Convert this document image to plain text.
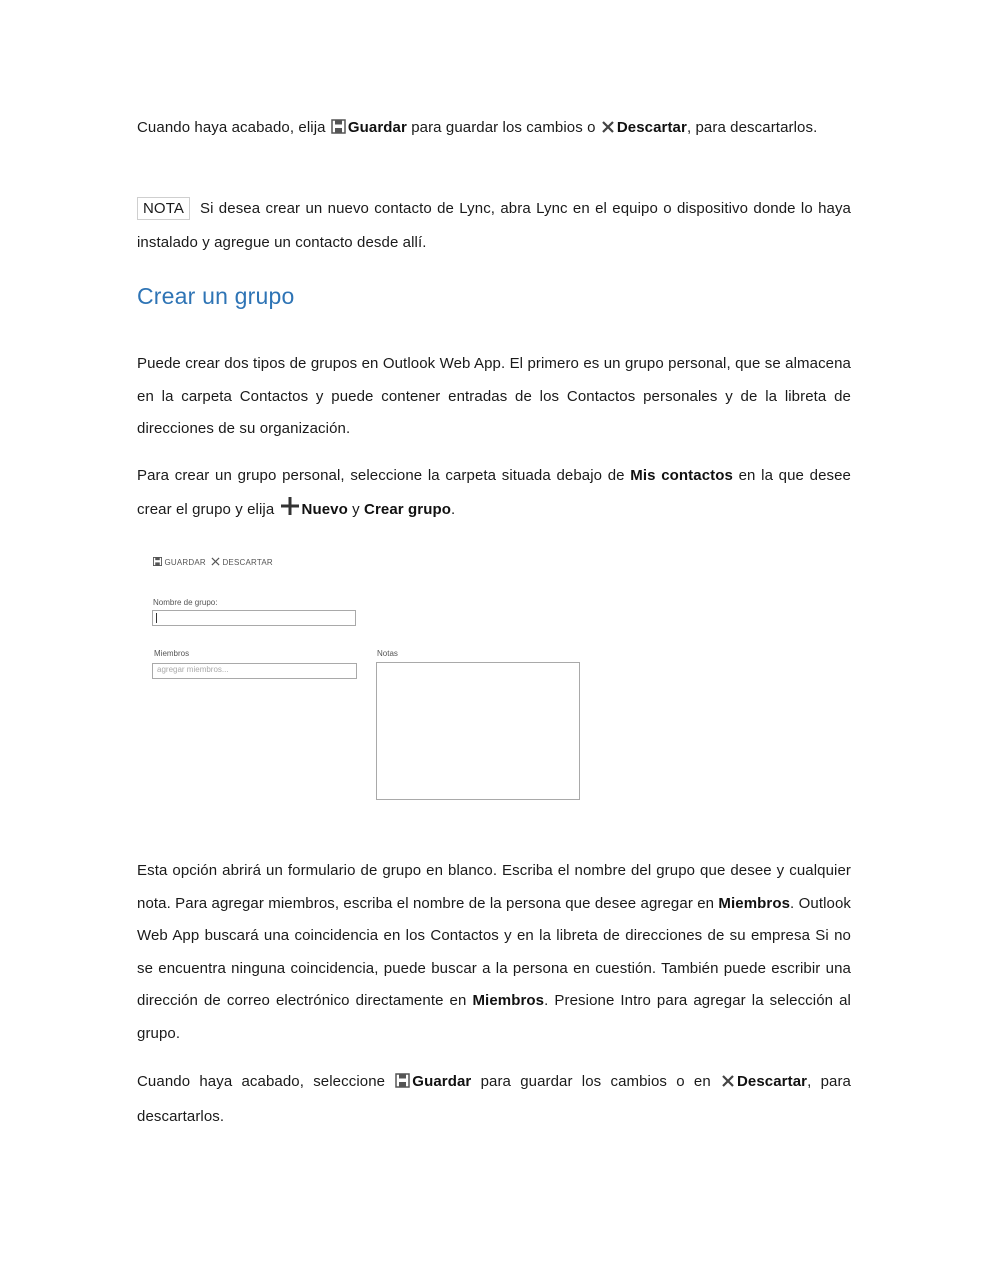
Cuando haya acabado, elija Guardar para guardar los cambios o Descartar, para descartarlos.
NOTA Si desea crear un nuevo contacto de Lync, abra Lync en el equipo o dispositivo donde lo haya instalado y agregue un contacto desde allí.
Crear un grupo
Puede crear dos tipos de grupos en Outlook Web App. El primero es un grupo personal, que se almacena en la carpeta Contactos y puede contener entradas de los Contactos personales y de la libreta de direcciones de su organización.
Para crear un grupo personal, seleccione la carpeta situada debajo de Mis contactos en la que desee crear el grupo y elija Nuevo y Crear grupo.
Esta opción abrirá un formulario de grupo en blanco. Escriba el nombre del grupo que desee y cualquier nota. Para agregar miembros, escriba el nombre de la persona que desee agregar en Miembros. Outlook Web App buscará una coincidencia en los Contactos y en la libreta de direcciones de su empresa Si no se encuentra ninguna coincidencia, puede buscar a la persona en cuestión. También puede escribir una dirección de correo electrónico directamente en Miembros. Presione Intro para agregar la selección al grupo.
Cuando haya acabado, seleccione Guardar para guardar los cambios o en Descartar, para descartarlos.
GUARDAR	DESCARTAR
Nombre de grupo:
Miembros
agregar miembros...
Notas
